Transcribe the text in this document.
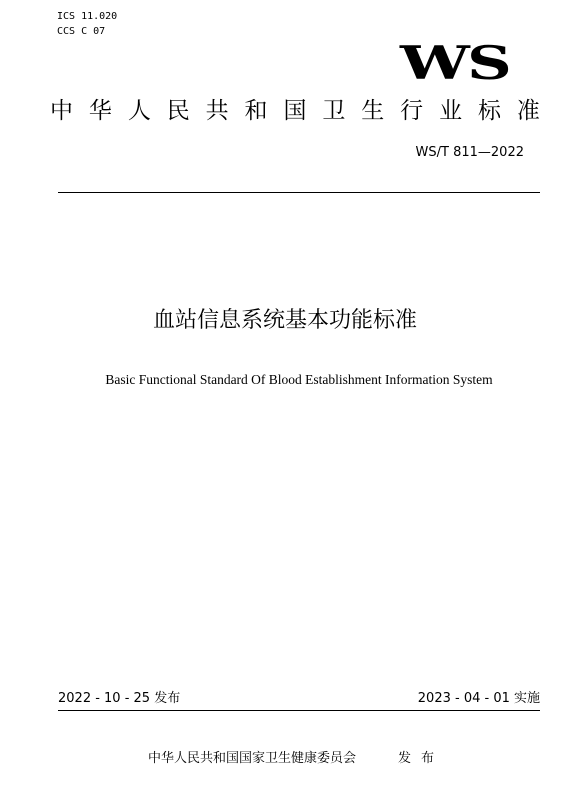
ICS 11.020
CCS C 07
WS
中 华 人 民 共 和 国 卫 生 行 业 标 准
WS/T 811—2022
血站信息系统基本功能标准
Basic Functional Standard Of Blood Establishment Information System
2022 - 10 - 25 发布	2023 - 04 - 01 实施
中华人民共和国国家卫生健康委员会	发布
